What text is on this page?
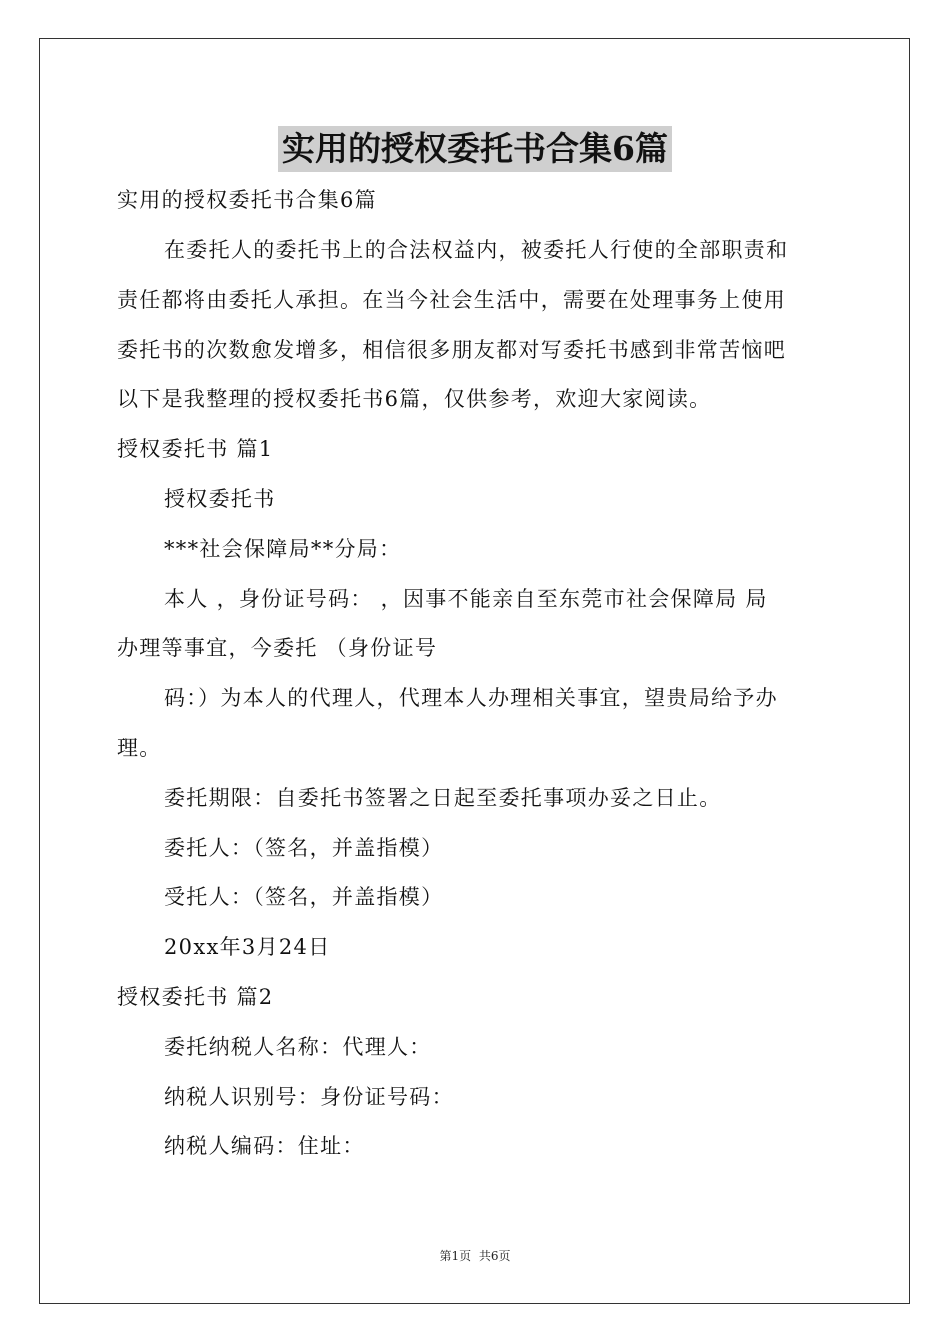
实用的授权委托书合集6篇
实用的授权委托书合集6篇
在委托人的委托书上的合法权益内，被委托人行使的全部职责和
责任都将由委托人承担。在当今社会生活中，需要在处理事务上使用
委托书的次数愈发增多，相信很多朋友都对写委托书感到非常苦恼吧
以下是我整理的授权委托书6篇，仅供参考，欢迎大家阅读。
授权委托书 篇1
授权委托书
***社会保障局**分局：
本人 ，身份证号码： ，因事不能亲自至东莞市社会保障局 局
办理等事宜，今委托 （身份证号
码：）为本人的代理人，代理本人办理相关事宜，望贵局给予办
理。
委托期限：自委托书签署之日起至委托事项办妥之日止。
委托人：（签名，并盖指模）
受托人：（签名，并盖指模）
20xx年3月24日
授权委托书 篇2
委托纳税人名称：代理人：
纳税人识别号：身份证号码：
纳税人编码：住址：
第1页 共6页
